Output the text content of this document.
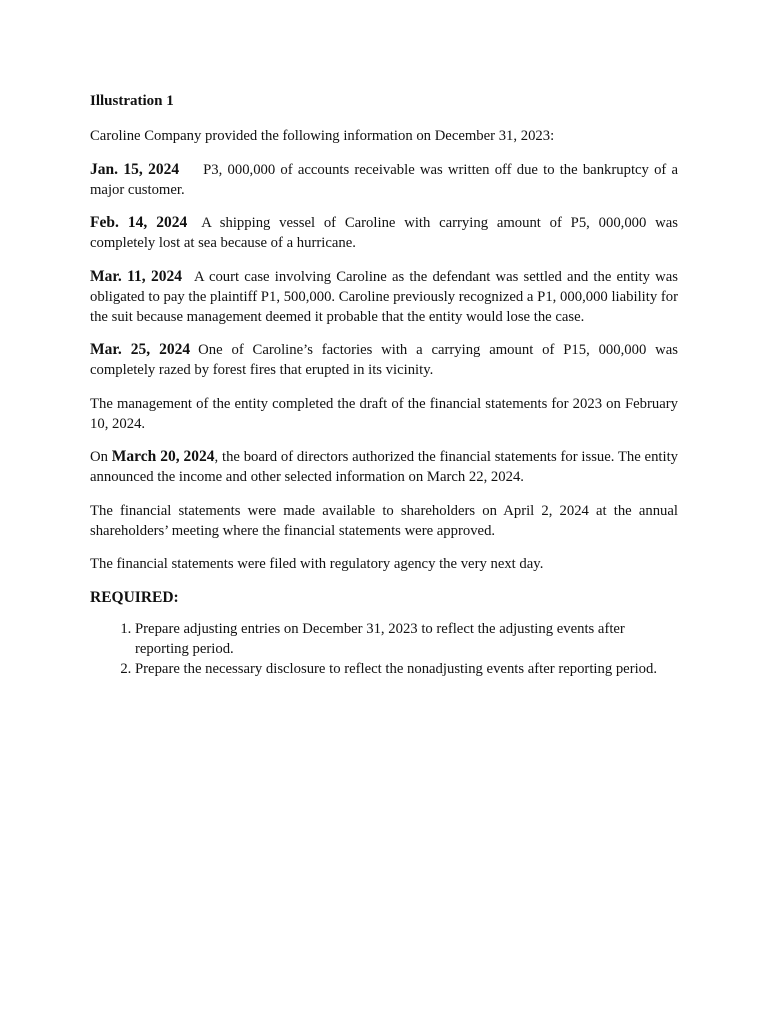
Illustration 1

Caroline Company provided the following information on December 31, 2023:

Jan. 15, 2024 P3, 000,000 of accounts receivable was written off due to the bankruptcy of a major customer.

Feb. 14, 2024 A shipping vessel of Caroline with carrying amount of P5, 000,000 was completely lost at sea because of a hurricane.

Mar. 11, 2024 A court case involving Caroline as the defendant was settled and the entity was obligated to pay the plaintiff P1, 500,000. Caroline previously recognized a P1, 000,000 liability for the suit because management deemed it probable that the entity would lose the case.

Mar. 25, 2024 One of Caroline’s factories with a carrying amount of P15, 000,000 was completely razed by forest fires that erupted in its vicinity.

The management of the entity completed the draft of the financial statements for 2023 on February 10, 2024.

On March 20, 2024, the board of directors authorized the financial statements for issue. The entity announced the income and other selected information on March 22, 2024.

The financial statements were made available to shareholders on April 2, 2024 at the annual shareholders’ meeting where the financial statements were approved.

The financial statements were filed with regulatory agency the very next day.

REQUIRED:
1. Prepare adjusting entries on December 31, 2023 to reflect the adjusting events after reporting period.
2. Prepare the necessary disclosure to reflect the nonadjusting events after reporting period.
